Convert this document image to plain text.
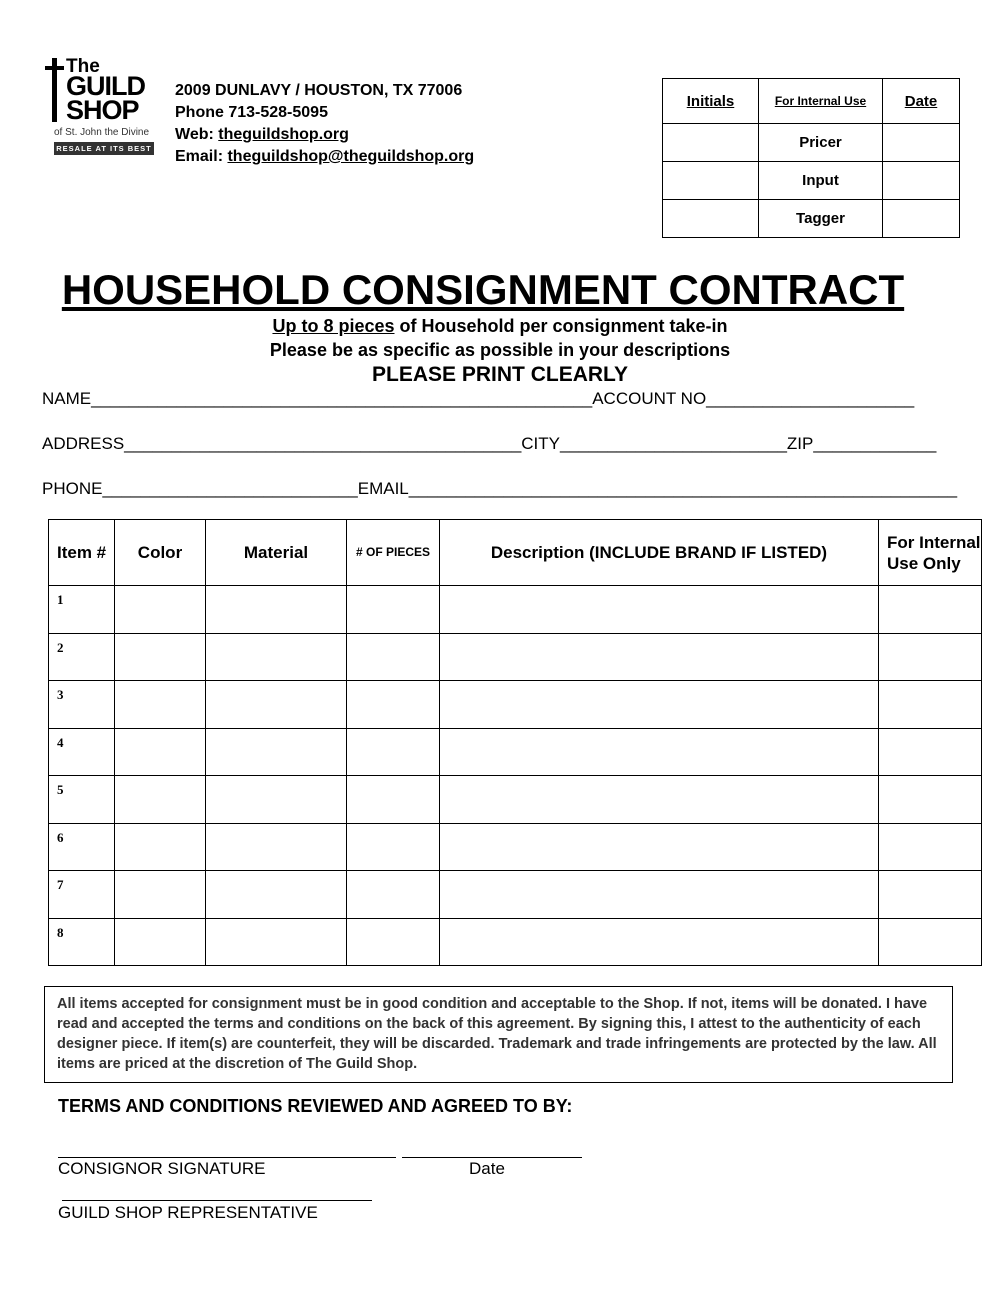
The
GUILD
SHOP
of St. John the Divine
RESALE AT ITS BEST
2009 DUNLAVY / HOUSTON, TX 77006
Phone 713-528-5095
Web: theguildshop.org
Email: theguildshop@theguildshop.org
Initials	For Internal Use	Date
	Pricer	
	Input	
	Tagger	
HOUSEHOLD CONSIGNMENT CONTRACT
Up to 8 pieces of Household per consignment take-in
Please be as specific as possible in your descriptions
PLEASE PRINT CLEARLY
NAME_____________________________________________________ACCOUNT NO______________________
ADDRESS__________________________________________CITY________________________ZIP_____________
PHONE___________________________EMAIL__________________________________________________________
Item #	Color	Material	# OF PIECES	Description (INCLUDE BRAND IF LISTED)	For Internal Use Only
1					
2					
3					
4					
5					
6					
7					
8					
All items accepted for consignment must be in good condition and acceptable to the Shop. If not, items will be donated. I have read and accepted the terms and conditions on the back of this agreement. By signing this, I attest to the authenticity of each designer piece. If item(s) are counterfeit, they will be discarded. Trademark and trade infringements are protected by the law. All items are priced at the discretion of The Guild Shop.
TERMS AND CONDITIONS REVIEWED AND AGREED TO BY:
CONSIGNOR SIGNATURE	Date
GUILD SHOP REPRESENTATIVE
